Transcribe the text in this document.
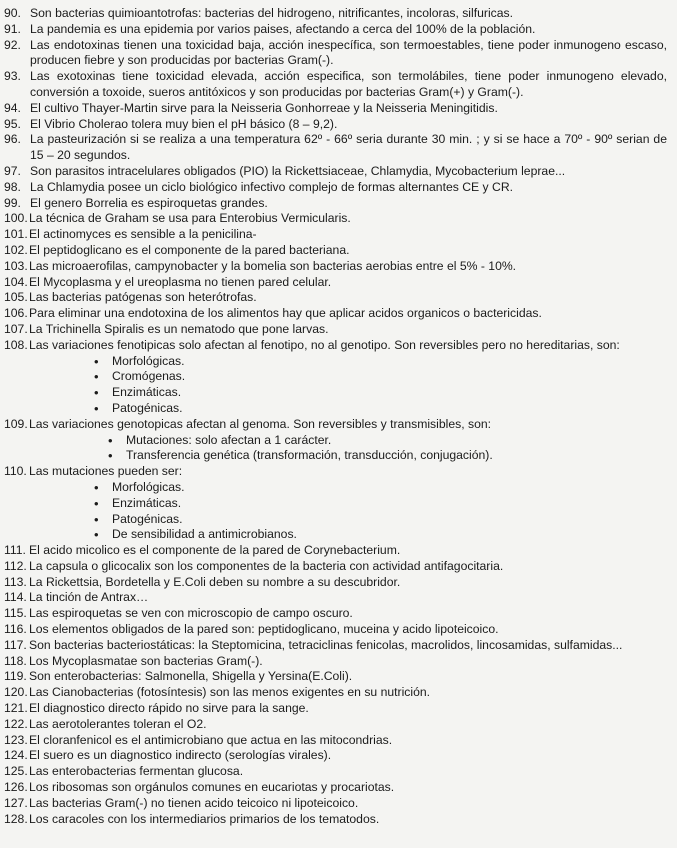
90. Son bacterias quimioantotrofas: bacterias del hidrogeno, nitrificantes, incoloras, silfuricas.
91. La pandemia es una epidemia por varios paises, afectando a cerca del 100% de la población.
92. Las endotoxinas tienen una toxicidad baja, acción inespecífica, son termoestables, tiene poder inmunogeno escaso, producen fiebre y son producidas por bacterias Gram(-).
93. Las exotoxinas tiene toxicidad elevada, acción especifica, son termolábiles, tiene poder inmunogeno elevado, conversión a toxoide, sueros antitóxicos y son producidas por bacterias Gram(+) y Gram(-).
94. El cultivo Thayer-Martin sirve para la Neisseria Gonhorreae y la Neisseria Meningitidis.
95. El Vibrio Cholerao tolera muy bien el pH básico (8 – 9,2).
96. La pasteurización si se realiza a una temperatura 62º - 66º seria durante 30 min. ; y si se hace a 70º - 90º serian de 15 – 20 segundos.
97. Son parasitos intracelulares obligados (PIO) la Rickettsiaceae, Chlamydia, Mycobacterium leprae...
98. La Chlamydia posee un ciclo biológico infectivo complejo de formas alternantes CE y CR.
99. El genero Borrelia es espiroquetas grandes.
100. La técnica de Graham se usa para Enterobius Vermicularis.
101. El actinomyces es sensible a la penicilina-
102. El peptidoglicano es el componente de la pared bacteriana.
103. Las microaerofilas, campynobacter y la bomelia son bacterias aerobias entre el 5% - 10%.
104. El Mycoplasma y el ureoplasma no tienen pared celular.
105. Las bacterias patógenas son heterótrofas.
106. Para eliminar una endotoxina de los alimentos hay que aplicar acidos organicos o bactericidas.
107. La Trichinella Spiralis es un nematodo que pone larvas.
108. Las variaciones fenotipicas solo afectan al fenotipo, no al genotipo. Son reversibles pero no hereditarias, son:
• Morfológicas.
• Cromógenas.
• Enzimáticas.
• Patogénicas.
109. Las variaciones genotopicas afectan al genoma. Son reversibles y transmisibles, son:
• Mutaciones: solo afectan a 1 carácter.
• Transferencia genética (transformación, transducción, conjugación).
110. Las mutaciones pueden ser:
• Morfológicas.
• Enzimáticas.
• Patogénicas.
• De sensibilidad a antimicrobianos.
111. El acido micolico es el componente de la pared de Corynebacterium.
112. La capsula o glicocalix son los componentes de la bacteria con actividad antifagocitaria.
113. La Rickettsia, Bordetella y E.Coli deben su nombre a su descubridor.
114. La tinción de Antrax…
115. Las espiroquetas se ven con microscopio de campo oscuro.
116. Los elementos obligados de la pared son: peptidoglicano, muceina y acido lipoteicoico.
117. Son bacterias bacteriostáticas: la Steptomicina, tetraciclinas fenicolas, macrolidos, lincosamidas, sulfamidas...
118. Los Mycoplasmatae son bacterias Gram(-).
119. Son enterobacterias: Salmonella, Shigella y Yersina(E.Coli).
120. Las Cianobacterias (fotosíntesis) son las menos exigentes en su nutrición.
121. El diagnostico directo rápido no sirve para la sange.
122. Las aerotolerantes toleran el O2.
123. El cloranfenicol es el antimicrobiano que actua en las mitocondrias.
124. El suero es un diagnostico indirecto (serologías virales).
125. Las enterobacterias fermentan glucosa.
126. Los ribosomas son orgánulos comunes en eucariotas y procariotas.
127. Las bacterias Gram(-) no tienen acido teicoico ni lipoteicoico.
128. Los caracoles con los intermediarios primarios de los tematodos.
